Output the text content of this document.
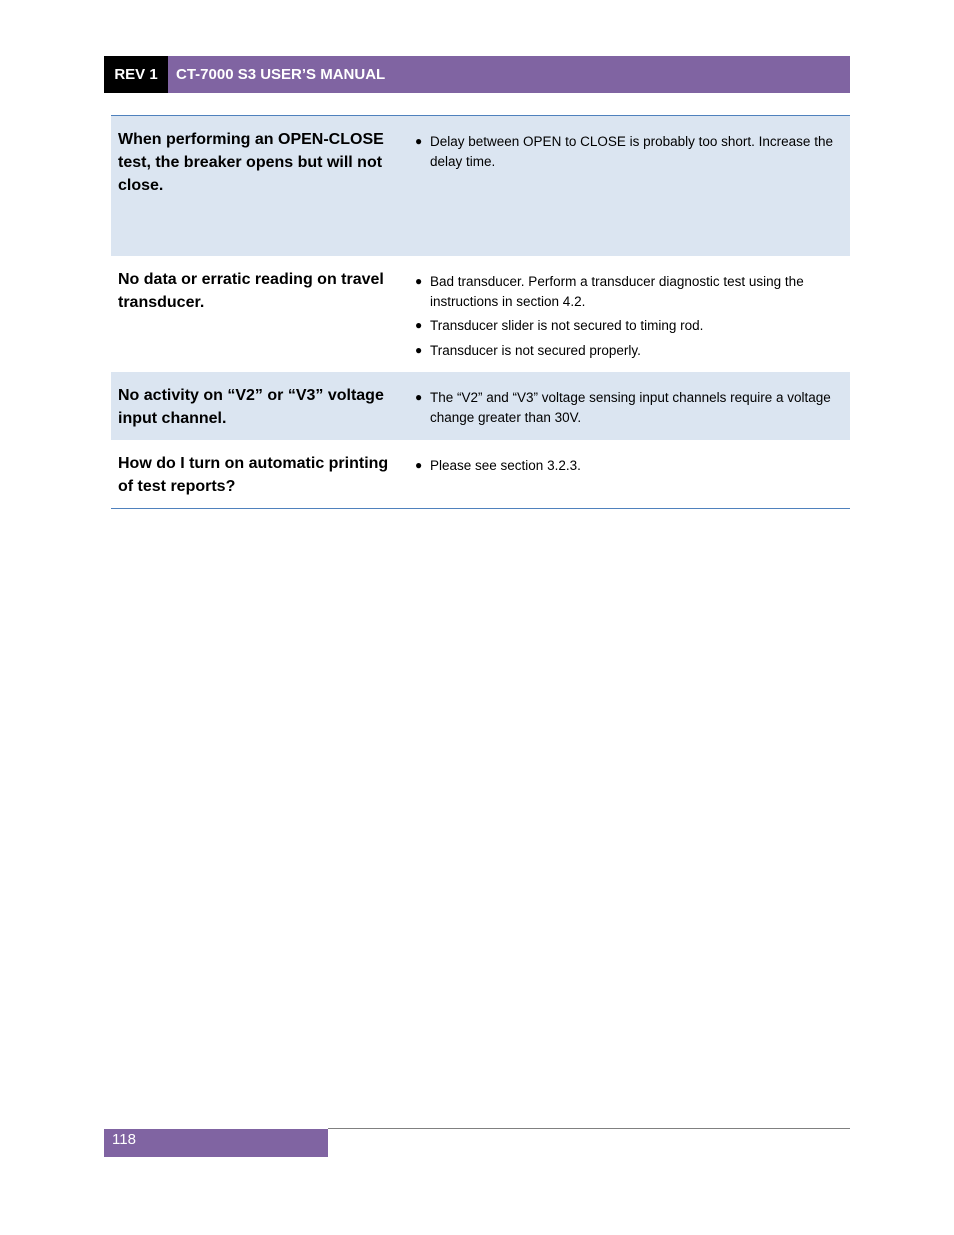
REV 1	CT-7000 S3 USER’S MANUAL
When performing an OPEN-CLOSE test, the breaker opens but will not close.
● Delay between OPEN to CLOSE is probably too short. Increase the delay time.
No data or erratic reading on travel transducer.
● Bad transducer. Perform a transducer diagnostic test using the instructions in section 4.2.
● Transducer slider is not secured to timing rod.
● Transducer is not secured properly.
No activity on “V2” or “V3” voltage input channel.
● The “V2” and “V3” voltage sensing input channels require a voltage change greater than 30V.
How do I turn on automatic printing of test reports?
● Please see section 3.2.3.
118
